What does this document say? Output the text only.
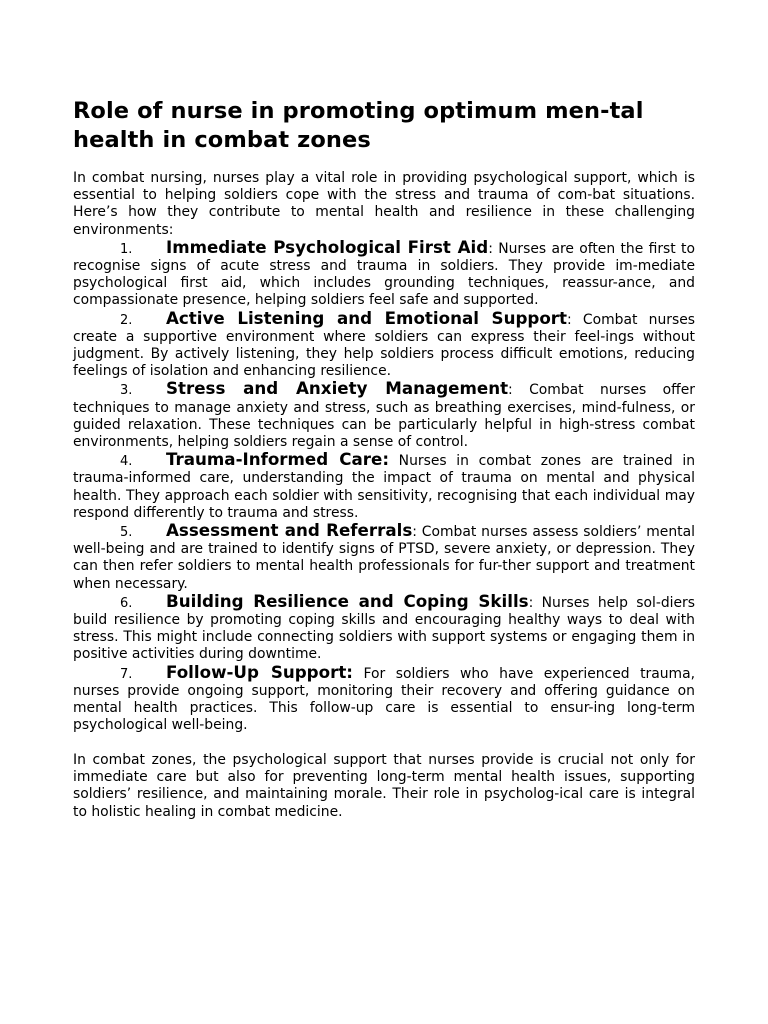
Role of nurse in promoting optimum men-tal health in combat zones

In combat nursing, nurses play a vital role in providing psychological support, which is essential to helping soldiers cope with the stress and trauma of com-bat situations. Here’s how they contribute to mental health and resilience in these challenging environments:

1. Immediate Psychological First Aid: Nurses are often the first to recognise signs of acute stress and trauma in soldiers. They provide im-mediate psychological first aid, which includes grounding techniques, reassur-ance, and compassionate presence, helping soldiers feel safe and supported.
2. Active Listening and Emotional Support: Combat nurses create a supportive environment where soldiers can express their feel-ings without judgment. By actively listening, they help soldiers process difficult emotions, reducing feelings of isolation and enhancing resilience.
3. Stress and Anxiety Management: Combat nurses offer techniques to manage anxiety and stress, such as breathing exercises, mind-fulness, or guided relaxation. These techniques can be particularly helpful in high-stress combat environments, helping soldiers regain a sense of control.
4. Trauma-Informed Care: Nurses in combat zones are trained in trauma-informed care, understanding the impact of trauma on mental and physical health. They approach each soldier with sensitivity, recognising that each individual may respond differently to trauma and stress.
5. Assessment and Referrals: Combat nurses assess soldiers’ mental well-being and are trained to identify signs of PTSD, severe anxiety, or depression. They can then refer soldiers to mental health professionals for fur-ther support and treatment when necessary.
6. Building Resilience and Coping Skills: Nurses help sol-diers build resilience by promoting coping skills and encouraging healthy ways to deal with stress. This might include connecting soldiers with support systems or engaging them in positive activities during downtime.
7. Follow-Up Support: For soldiers who have experienced trauma, nurses provide ongoing support, monitoring their recovery and offering guidance on mental health practices. This follow-up care is essential to ensur-ing long-term psychological well-being.

In combat zones, the psychological support that nurses provide is crucial not only for immediate care but also for preventing long-term mental health issues, supporting soldiers’ resilience, and maintaining morale. Their role in psycholog-ical care is integral to holistic healing in combat medicine.
